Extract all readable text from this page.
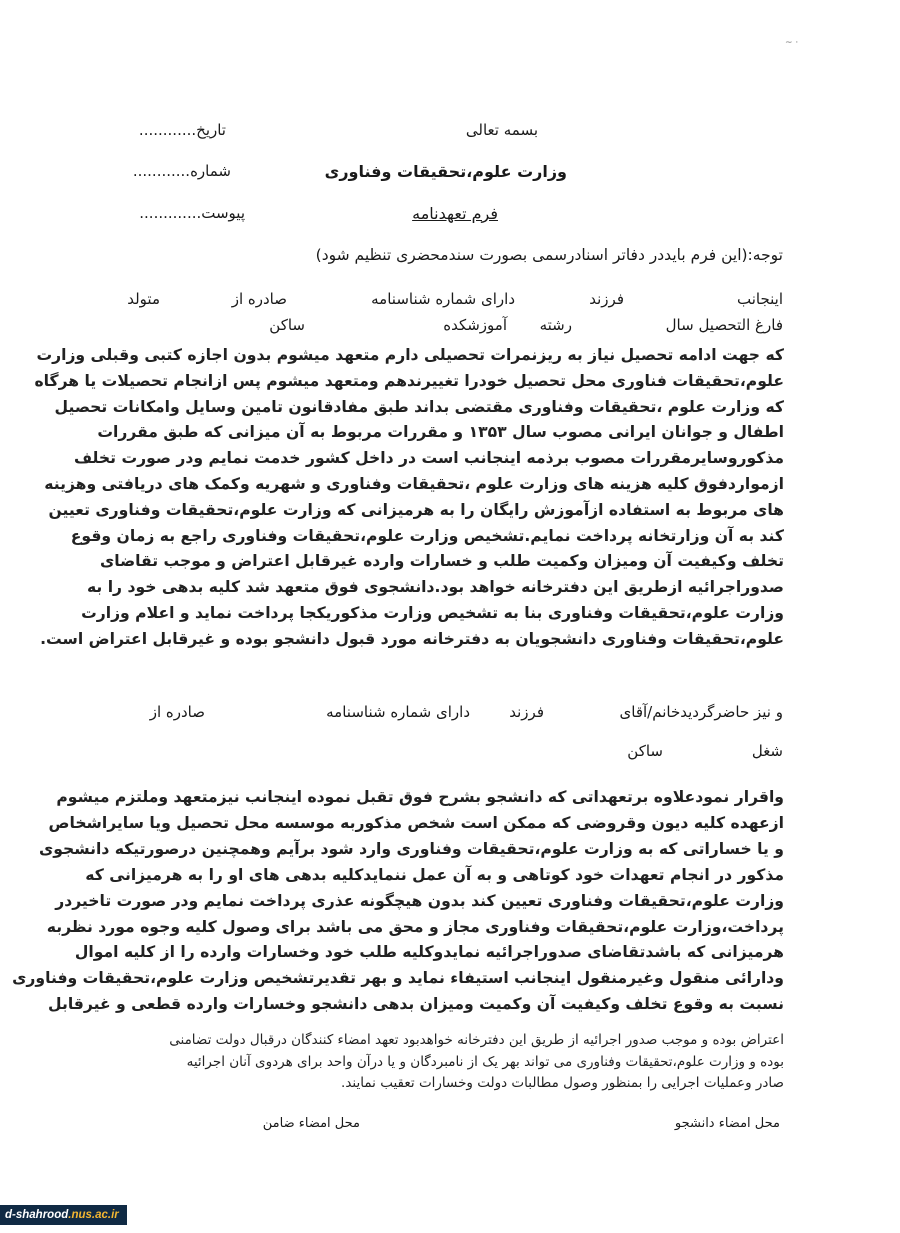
~ ·
بسمه تعالی
تاریخ............
وزارت علوم،تحقیقات وفناوری
شماره............
فرم تعهدنامه
پیوست.............
توجه:(این فرم بایددر دفاتر اسنادرسمی بصورت سندمحضری تنظیم شود)
اینجانب
فرزند
دارای شماره شناسنامه
صادره از
متولد
فارغ التحصیل سال
رشته
آموزشکده
ساکن

که جهت ادامه تحصیل نیاز به ریزنمرات تحصیلی دارم متعهد میشوم بدون اجازه کتبی وقبلی وزارت

علوم،تحقیقات فناوری محل تحصیل خودرا تغییرندهم ومتعهد میشوم پس ازانجام تحصیلات یا هرگاه

که وزارت علوم ،تحقیقات وفناوری مقتضی بداند طبق مفادقانون تامین وسایل وامکانات تحصیل

اطفال و جوانان ایرانی مصوب سال ۱۳۵۳ و مقررات مربوط به آن میزانی که طبق مقررات

مذکوروسایرمقررات مصوب برذمه اینجانب است در داخل کشور خدمت نمایم ودر صورت تخلف

ازمواردفوق کلیه هزینه های وزارت علوم ،تحقیقات وفناوری و شهریه وکمک های دریافتی وهزینه

های مربوط به استفاده ازآموزش رایگان را به هرمیزانی که وزارت علوم،تحقیقات وفناوری تعیین

کند به آن وزارتخانه پرداخت نمایم.تشخیص وزارت علوم،تحقیقات وفناوری راجع به زمان وقوع

تخلف وکیفیت آن ومیزان وکمیت طلب و خسارات وارده غیرقابل اعتراض و موجب تقاضای

صدوراجرائیه ازطریق این دفترخانه خواهد بود.دانشجوی فوق متعهد شد کلیه بدهی خود را به

وزارت علوم،تحقیقات وفناوری بنا به تشخیص وزارت مذکوریکجا پرداخت نماید و اعلام وزارت

علوم،تحقیقات وفناوری دانشجویان به دفترخانه مورد قبول دانشجو بوده و غیرقابل اعتراض است.

و نیز حاضرگردیدخانم/آقای
فرزند
دارای شماره شناسنامه
صادره از
شغل
ساکن

واقرار نمودعلاوه برتعهداتی که دانشجو بشرح فوق تقبل نموده اینجانب نیزمتعهد وملتزم میشوم

ازعهده کلیه دیون وقروضی که ممکن است شخص مذکوربه موسسه محل تحصیل ویا سایراشخاص

و یا خساراتی که به وزارت علوم،تحقیقات وفناوری وارد شود برآیم وهمچنین درصورتیکه دانشجوی

مذکور در انجام تعهدات خود کوتاهی و به آن عمل ننمایدکلیه بدهی های او را به هرمیزانی که

وزارت علوم،تحقیقات وفناوری تعیین کند بدون هیچگونه عذری پرداخت نمایم ودر صورت تاخیردر

پرداخت،وزارت علوم،تحقیقات وفناوری مجاز و محق می باشد برای وصول کلیه وجوه مورد نظربه

هرمیزانی که باشدتقاضای صدوراجرائیه نمایدوکلیه طلب خود وخسارات وارده را از کلیه اموال

ودارائی منقول وغیرمنقول اینجانب استیفاء نماید و بهر تقدیرتشخیص وزارت علوم،تحقیقات وفناوری

نسبت به وقوع تخلف وکیفیت آن وکمیت ومیزان بدهی دانشجو وخسارات وارده قطعی و غیرقابل

اعتراض بوده و موجب صدور اجرائیه از طریق این دفترخانه خواهدبود تعهد امضاء کنندگان درقبال دولت تضامنی

بوده و وزارت علوم،تحقیقات وفناوری می تواند بهر یک از نامبردگان و یا درآن واحد برای هردوی آنان اجرائیه

صادر وعملیات اجرایی را بمنظور وصول مطالبات دولت وخسارات تعقیب نمایند.

محل امضاء دانشجو
محل امضاء ضامن
d-shahrood.nus.ac.ir
